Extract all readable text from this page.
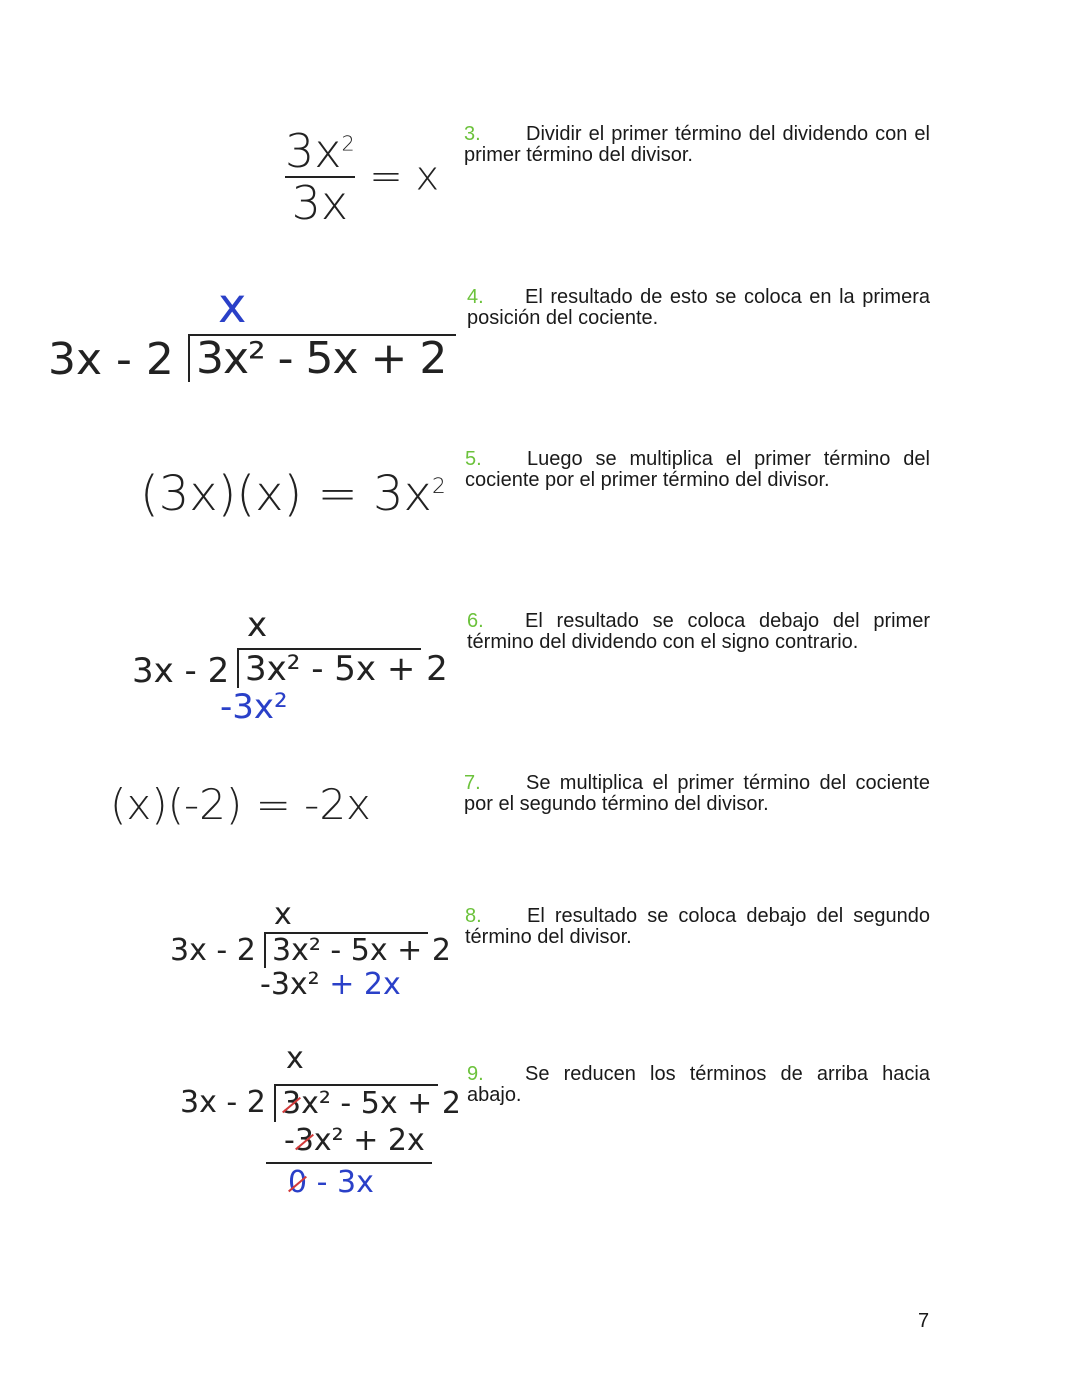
3. Dividir el primer término del dividendo con el primer término del divisor.
4. El resultado de esto se coloca en la primera posición del cociente.
5. Luego se multiplica el primer término del cociente por el primer término del divisor.
6. El resultado se coloca debajo del primer término del dividendo con el signo contrario.
7. Se multiplica el primer término del cociente por el segundo término del divisor.
8. El resultado se coloca debajo del segundo término del divisor.
9. Se reducen los términos de arriba hacia abajo.
$\frac{3x^2}{3x} = x$
x
3x - 2 3x² - 5x + 2
$(3x)(x) = 3x^2$
x
3x - 2 3x² - 5x + 2
-3x²
(x)(-2) = -2x
x
3x - 2 3x² - 5x + 2
-3x² + 2x
x
3x - 2 3x² - 5x + 2
-3x² + 2x
0 - 3x
7
